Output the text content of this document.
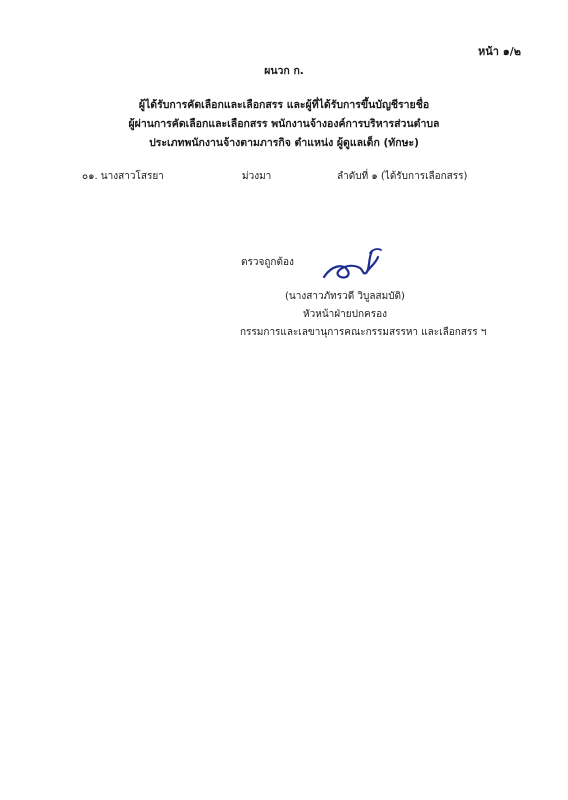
หน้า ๑/๒
ผนวก ก.
ผู้ได้รับการคัดเลือกและเลือกสรร และผู้ที่ได้รับการขึ้นบัญชีรายชื่อ
ผู้ผ่านการคัดเลือกและเลือกสรร พนักงานจ้างองค์การบริหารส่วนตำบล
ประเภทพนักงานจ้างตามภารกิจ ตำแหน่ง ผู้ดูแลเด็ก (ทักษะ)
๐๑. นางสาวโสรยา	ม่วงมา	ลำดับที่ ๑ (ได้รับการเลือกสรร)
ตรวจถูกต้อง
(นางสาวภัทรวดี วิบูลสมบัติ)
หัวหน้าฝ่ายปกครอง
กรรมการและเลขานุการคณะกรรมสรรหา และเลือกสรร ฯ
